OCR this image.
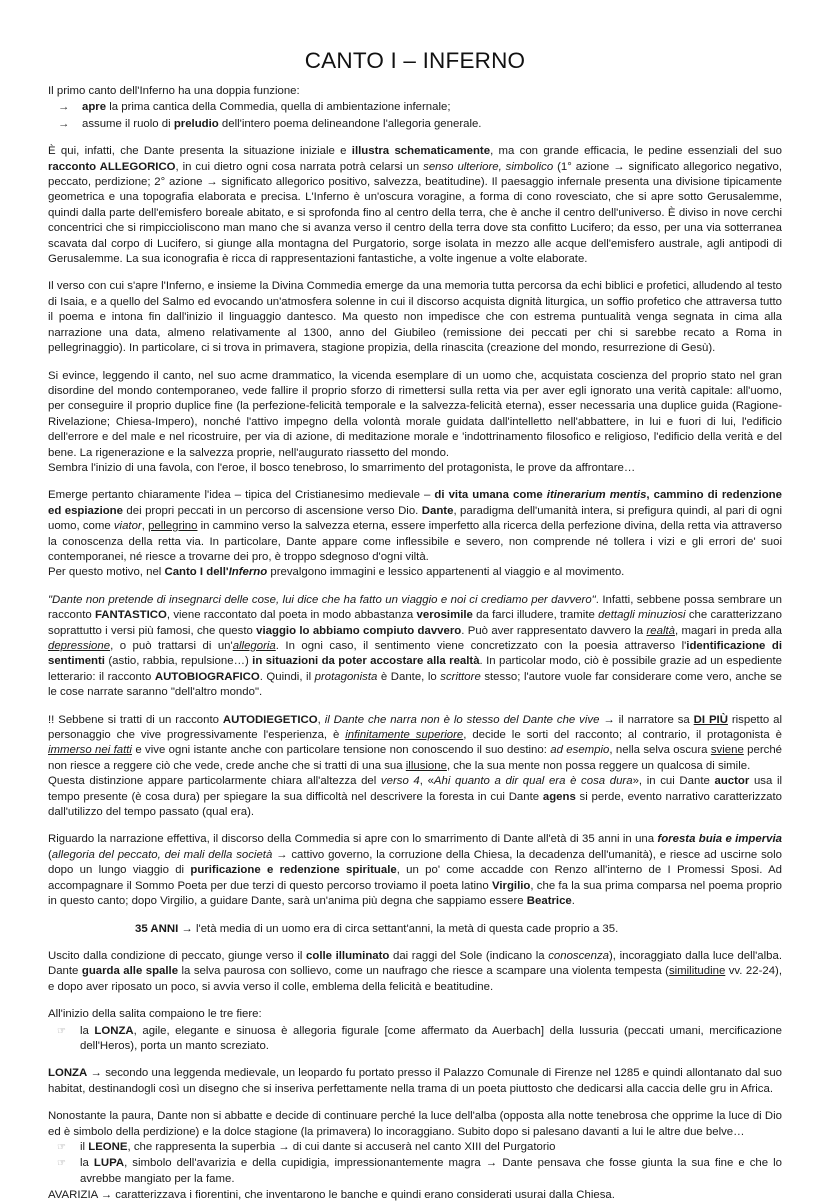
CANTO I – INFERNO

Il primo canto dell'Inferno ha una doppia funzione:

→	apre la prima cantica della Commedia, quella di ambientazione infernale;
→	assume il ruolo di preludio dell'intero poema delineandone l'allegoria generale.

È qui, infatti, che Dante presenta la situazione iniziale e illustra schematicamente, ma con grande efficacia, le pedine essenziali del suo racconto ALLEGORICO, in cui dietro ogni cosa narrata potrà celarsi un senso ulteriore, simbolico (1° azione → significato allegorico negativo, peccato, perdizione; 2° azione → significato allegorico positivo, salvezza, beatitudine). Il paesaggio infernale presenta una divisione tipicamente geometrica e una topografia elaborata e precisa. L'Inferno è un'oscura voragine, a forma di cono rovesciato, che si apre sotto Gerusalemme, quindi dalla parte dell'emisfero boreale abitato, e si sprofonda fino al centro della terra, che è anche il centro dell'universo. È diviso in nove cerchi concentrici che si rimpiccioliscono man mano che si avanza verso il centro della terra dove sta confitto Lucifero; da esso, per una via sotterranea scavata dal corpo di Lucifero, si giunge alla montagna del Purgatorio, sorge isolata in mezzo alle acque dell'emisfero australe, agli antipodi di Gerusalemme. La sua iconografia è ricca di rappresentazioni fantastiche, a volte ingenue a volte elaborate.

Il verso con cui s'apre l'Inferno, e insieme la Divina Commedia emerge da una memoria tutta percorsa da echi biblici e profetici, alludendo al testo di Isaia, e a quello del Salmo ed evocando un'atmosfera solenne in cui il discorso acquista dignità liturgica, un soffio profetico che attraversa tutto il poema e intona fin dall'inizio il linguaggio dantesco. Ma questo non impedisce che con estrema puntualità venga segnata in cima alla narrazione una data, almeno relativamente al 1300, anno del Giubileo (remissione dei peccati per chi si sarebbe recato a Roma in pellegrinaggio). In particolare, ci si trova in primavera, stagione propizia, della rinascita (creazione del mondo, resurrezione di Gesù).

Si evince, leggendo il canto, nel suo acme drammatico, la vicenda esemplare di un uomo che, acquistata coscienza del proprio stato nel gran disordine del mondo contemporaneo, vede fallire il proprio sforzo di rimettersi sulla retta via per aver egli ignorato una verità capitale: all'uomo, per conseguire il proprio duplice fine (la perfezione-felicità temporale e la salvezza-felicità eterna), esser necessaria una duplice guida (Ragione-Rivelazione; Chiesa-Impero), nonché l'attivo impegno della volontà morale guidata dall'intelletto nell'abbattere, in lui e fuori di lui, l'edificio dell'errore e del male e nel ricostruire, per via di azione, di meditazione morale e 'indottrinamento filosofico e religioso, l'edificio della verità e del bene. La rigenerazione e la salvezza proprie, nell'augurato riassetto del mondo.

Sembra l'inizio di una favola, con l'eroe, il bosco tenebroso, lo smarrimento del protagonista, le prove da affrontare…

Emerge pertanto chiaramente l'idea – tipica del Cristianesimo medievale – di vita umana come itinerarium mentis, cammino di redenzione ed espiazione dei propri peccati in un percorso di ascensione verso Dio. Dante, paradigma dell'umanità intera, si prefigura quindi, al pari di ogni uomo, come viator, pellegrino in cammino verso la salvezza eterna, essere imperfetto alla ricerca della perfezione divina, della retta via attraverso la conoscenza della retta via. In particolare, Dante appare come inflessibile e severo, non comprende né tollera i vizi e gli errori de' suoi contemporanei, né riesce a trovarne dei pro, è troppo sdegnoso d'ogni viltà.

Per questo motivo, nel Canto I dell'Inferno prevalgono immagini e lessico appartenenti al viaggio e al movimento.

"Dante non pretende di insegnarci delle cose, lui dice che ha fatto un viaggio e noi ci crediamo per davvero". Infatti, sebbene possa sembrare un racconto FANTASTICO, viene raccontato dal poeta in modo abbastanza verosimile da farci illudere, tramite dettagli minuziosi che caratterizzano soprattutto i versi più famosi, che questo viaggio lo abbiamo compiuto davvero. Può aver rappresentato davvero la realtà, magari in preda alla depressione, o può trattarsi di un'allegoria. In ogni caso, il sentimento viene concretizzato con la poesia attraverso l'identificazione di sentimenti (astio, rabbia, repulsione…) in situazioni da poter accostare alla realtà. In particolar modo, ciò è possibile grazie ad un espediente letterario: il racconto AUTOBIOGRAFICO. Quindi, il protagonista è Dante, lo scrittore stesso; l'autore vuole far considerare come vero, anche se le cose narrate saranno "dell'altro mondo".

!! Sebbene si tratti di un racconto AUTODIEGETICO, il Dante che narra non è lo stesso del Dante che vive → il narratore sa DI PIÙ rispetto al personaggio che vive progressivamente l'esperienza, è infinitamente superiore, decide le sorti del racconto; al contrario, il protagonista è immerso nei fatti e vive ogni istante anche con particolare tensione non conoscendo il suo destino: ad esempio, nella selva oscura sviene perché non riesce a reggere ciò che vede, crede anche che si tratti di una sua illusione, che la sua mente non possa reggere un qualcosa di simile.

Questa distinzione appare particolarmente chiara all'altezza del verso 4, «Ahi quanto a dir qual era è cosa dura», in cui Dante auctor usa il tempo presente (è cosa dura) per spiegare la sua difficoltà nel descrivere la foresta in cui Dante agens si perde, evento narrativo caratterizzato dall'utilizzo del tempo passato (qual era).

Riguardo la narrazione effettiva, il discorso della Commedia si apre con lo smarrimento di Dante all'età di 35 anni in una foresta buia e impervia (allegoria del peccato, dei mali della società → cattivo governo, la corruzione della Chiesa, la decadenza dell'umanità), e riesce ad uscirne solo dopo un lungo viaggio di purificazione e redenzione spirituale, un po' come accadde con Renzo all'interno de I Promessi Sposi. Ad accompagnare il Sommo Poeta per due terzi di questo percorso troviamo il poeta latino Virgilio, che fa la sua prima comparsa nel poema proprio in questo canto; dopo Virgilio, a guidare Dante, sarà un'anima più degna che sappiamo essere Beatrice.

35 ANNI → l'età media di un uomo era di circa settant'anni, la metà di questa cade proprio a 35.

Uscito dalla condizione di peccato, giunge verso il colle illuminato dai raggi del Sole (indicano la conoscenza), incoraggiato dalla luce dell'alba. Dante guarda alle spalle la selva paurosa con sollievo, come un naufrago che riesce a scampare una violenta tempesta (similitudine vv. 22-24), e dopo aver riposato un poco, si avvia verso il colle, emblema della felicità e beatitudine.

All'inizio della salita compaiono le tre fiere:

☞	la LONZA, agile, elegante e sinuosa è allegoria figurale [come affermato da Auerbach] della lussuria (peccati umani, mercificazione dell'Heros), porta un manto screziato.

LONZA → secondo una leggenda medievale, un leopardo fu portato presso il Palazzo Comunale di Firenze nel 1285 e quindi allontanato dal suo habitat, destinandogli così un disegno che si inseriva perfettamente nella trama di un poeta piuttosto che dedicarsi alla caccia delle gru in Africa.

Nonostante la paura, Dante non si abbatte e decide di continuare perché la luce dell'alba (opposta alla notte tenebrosa che opprime la luce di Dio ed è simbolo della perdizione) e la dolce stagione (la primavera) lo incoraggiano. Subito dopo si palesano davanti a lui le altre due belve…

☞	il LEONE, che rappresenta la superbia → di cui dante si accuserà nel canto XIII del Purgatorio
☞	la LUPA, simbolo dell'avarizia e della cupidigia, impressionantemente magra → Dante pensava che fosse giunta la sua fine e che lo avrebbe mangiato per la fame.

AVARIZIA → caratterizzava i fiorentini, che inventarono le banche e quindi erano considerati usurai dalla Chiesa.
